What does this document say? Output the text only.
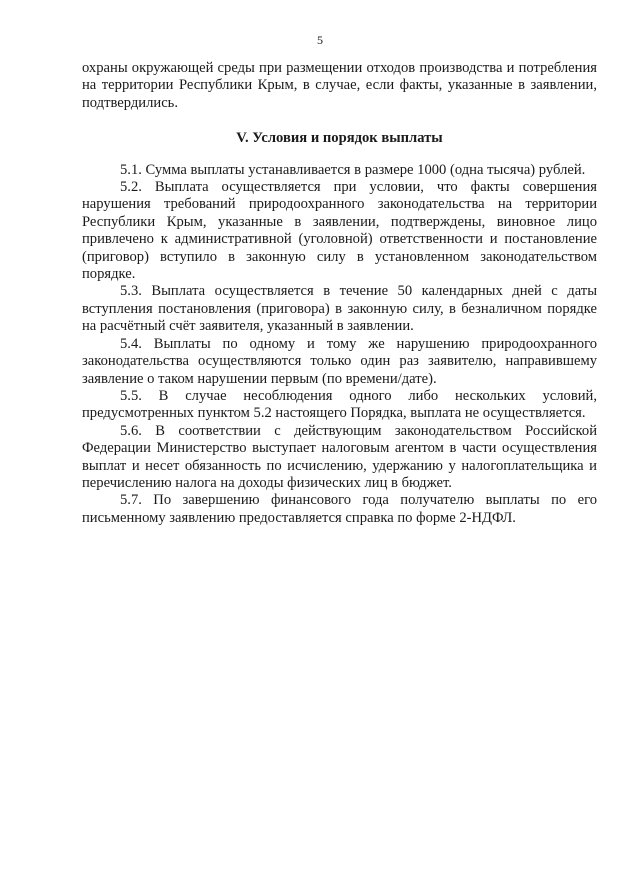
5

охраны окружающей среды при размещении отходов производства и потребления на территории Республики Крым, в случае, если факты, указанные в заявлении, подтвердились.

V. Условия и порядок выплаты

5.1. Сумма выплаты устанавливается в размере 1000 (одна тысяча) рублей.

5.2. Выплата осуществляется при условии, что факты совершения нарушения требований природоохранного законодательства на территории Республики Крым, указанные в заявлении, подтверждены, виновное лицо привлечено к административной (уголовной) ответственности и постановление (приговор) вступило в законную силу в установленном законодательством порядке.

5.3. Выплата осуществляется в течение 50 календарных дней с даты вступления постановления (приговора) в законную силу, в безналичном порядке на расчётный счёт заявителя, указанный в заявлении.

5.4. Выплаты по одному и тому же нарушению природоохранного законодательства осуществляются только один раз заявителю, направившему заявление о таком нарушении первым (по времени/дате).

5.5. В случае несоблюдения одного либо нескольких условий, предусмотренных пунктом 5.2 настоящего Порядка, выплата не осуществляется.

5.6. В соответствии с действующим законодательством Российской Федерации Министерство выступает налоговым агентом в части осуществления выплат и несет обязанность по исчислению, удержанию у налогоплательщика и перечислению налога на доходы физических лиц в бюджет.

5.7. По завершению финансового года получателю выплаты по его письменному заявлению предоставляется справка по форме 2-НДФЛ.
